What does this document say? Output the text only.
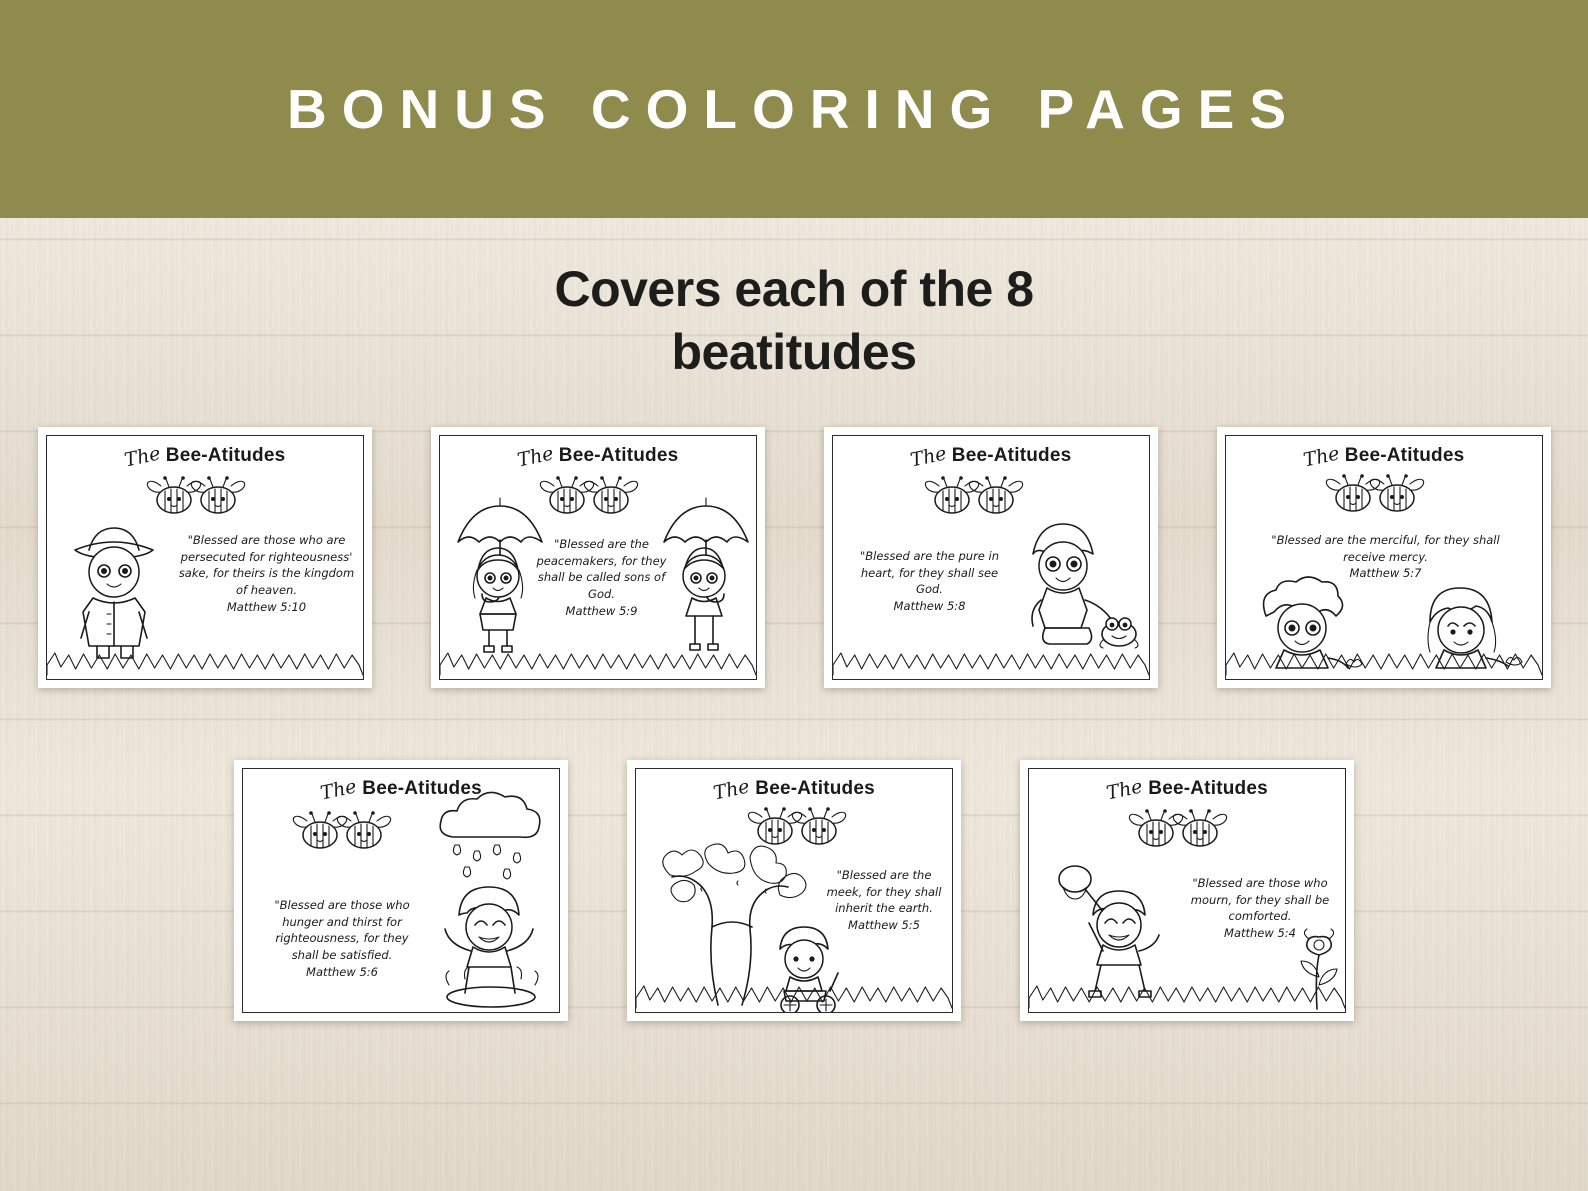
BONUS COLORING PAGES
Covers each of the 8
beatitudes
The Bee-Atitudes
"Blessed are those who are persecuted for righteousness' sake, for theirs is the kingdom of heaven.
Matthew 5:10
The Bee-Atitudes
"Blessed are the peacemakers, for they shall be called sons of God.
Matthew 5:9
The Bee-Atitudes
"Blessed are the pure in heart, for they shall see God.
Matthew 5:8
The Bee-Atitudes
"Blessed are the merciful, for they shall receive mercy.
Matthew 5:7
The Bee-Atitudes
"Blessed are those who hunger and thirst for righteousness, for they shall be satisfied.
Matthew 5:6
The Bee-Atitudes
"Blessed are the meek, for they shall inherit the earth.
Matthew 5:5
The Bee-Atitudes
"Blessed are those who mourn, for they shall be comforted.
Matthew 5:4
